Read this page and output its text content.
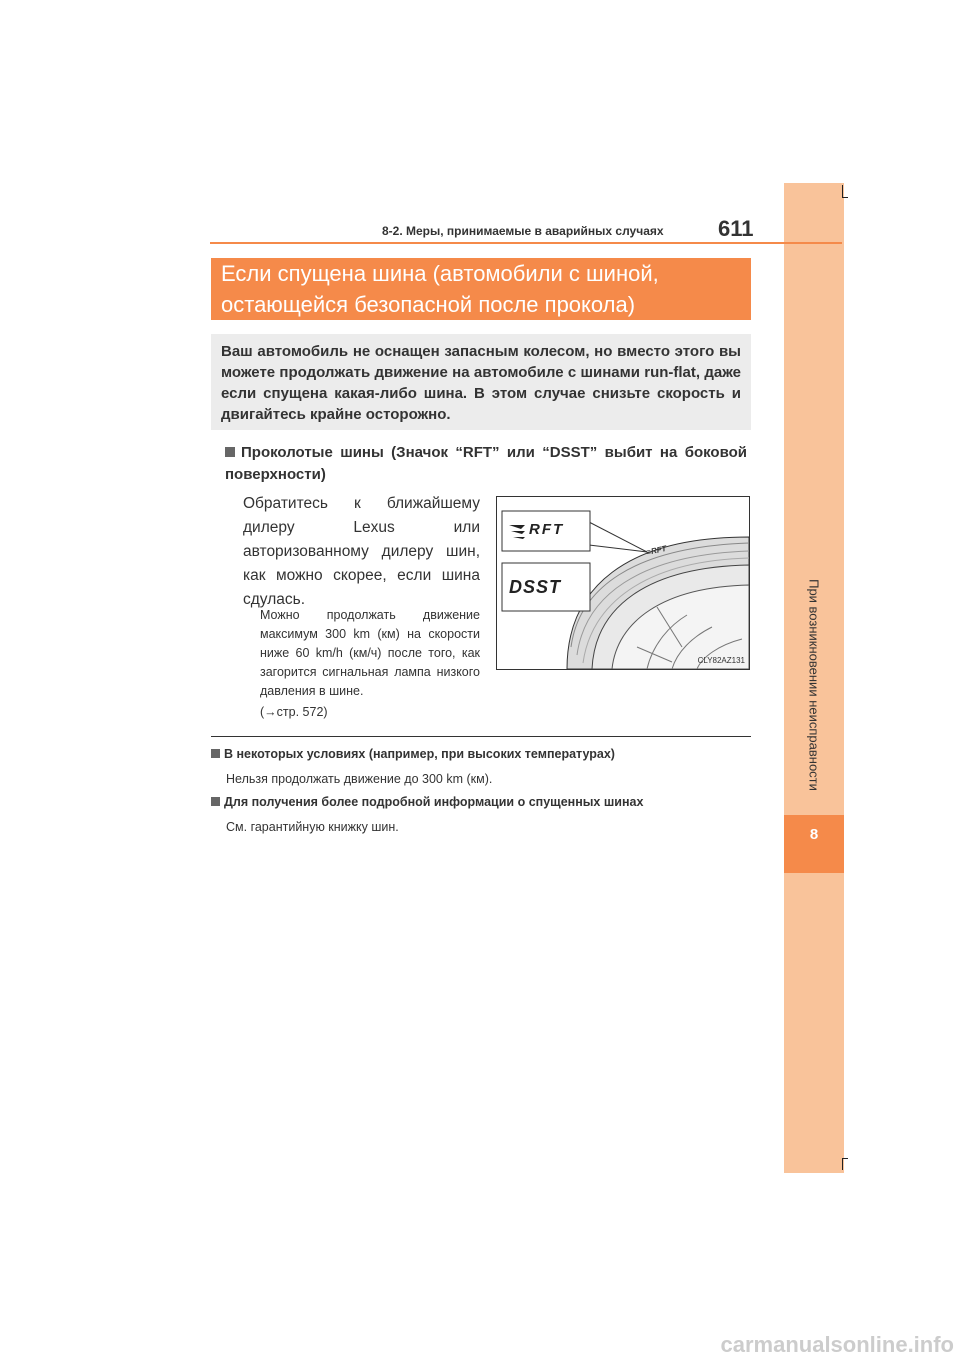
8
При возникновении неисправности
8-2. Меры, принимаемые в аварийных случаях 611
Если спущена шина (автомобили с шиной,
остающейся безопасной после прокола)
Ваш автомобиль не оснащен запасным колесом, но вместо этого вы можете продолжать движение на автомобиле с шинами run-flat, даже если спущена какая-либо шина. В этом случае снизьте скорость и двигайтесь крайне осторожно.
Проколотые шины (Значок “RFT” или “DSST” выбит на боковой поверхности)
Обратитесь к ближайшему дилеру Lexus или авторизованному дилеру шин, как можно скорее, если шина сдулась.
Можно продолжать движение максимум 300 km (км) на скорости ниже 60 km/h (км/ч) после того, как загорится сигнальная лампа низкого давления в шине.
(→стр. 572)
≡RFT
RFT
DSST
CLY82AZ131
В некоторых условиях (например, при высоких температурах)
Нельзя продолжать движение до 300 km (км).
Для получения более подробной информации о спущенных шинах
См. гарантийную книжку шин.
carmanualsonline.info
